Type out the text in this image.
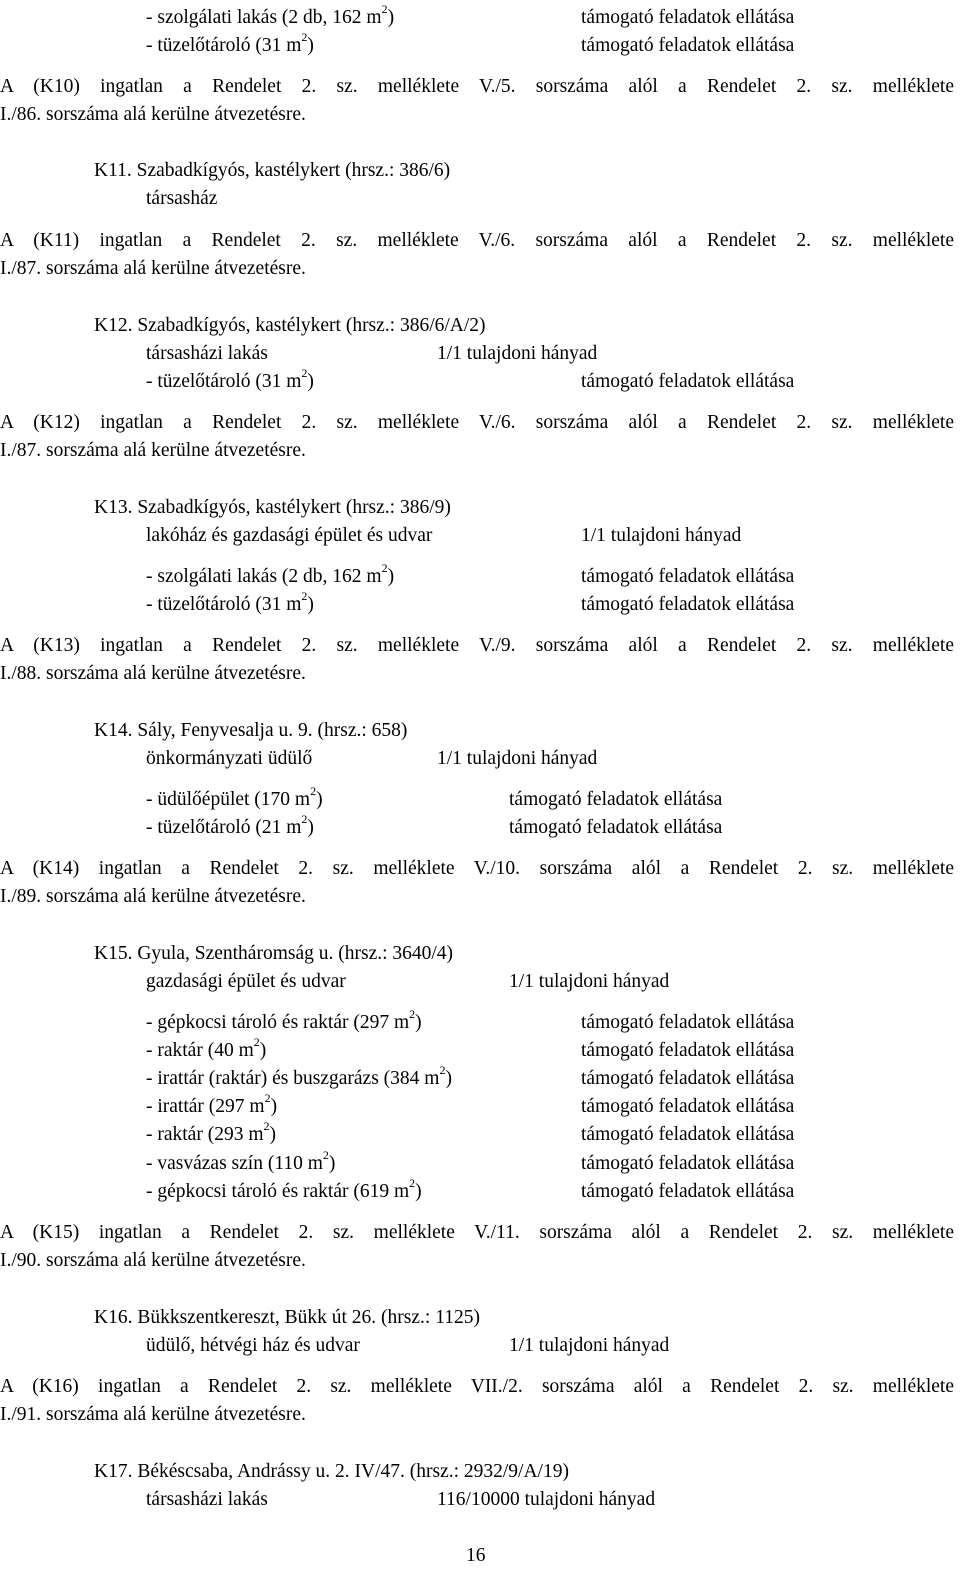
- szolgálati lakás (2 db, 162 $m^2$)	támogató feladatok ellátása
- tüzelőtároló (31 $m^2$)	támogató feladatok ellátása
A (K10) ingatlan a Rendelet 2. sz. melléklete V./5. sorszáma alól a Rendelet 2. sz. melléklete
I./86. sorszáma alá kerülne átvezetésre.
K11. Szabadkígyós, kastélykert (hrsz.: 386/6)
társasház
A (K11) ingatlan a Rendelet 2. sz. melléklete V./6. sorszáma alól a Rendelet 2. sz. melléklete
I./87. sorszáma alá kerülne átvezetésre.
K12. Szabadkígyós, kastélykert (hrsz.: 386/6/A/2)
társasházi lakás	1/1 tulajdoni hányad
- tüzelőtároló (31 $m^2$)	támogató feladatok ellátása
A (K12) ingatlan a Rendelet 2. sz. melléklete V./6. sorszáma alól a Rendelet 2. sz. melléklete
I./87. sorszáma alá kerülne átvezetésre.
K13. Szabadkígyós, kastélykert (hrsz.: 386/9)
lakóház és gazdasági épület és udvar	1/1 tulajdoni hányad
- szolgálati lakás (2 db, 162 $m^2$)	támogató feladatok ellátása
- tüzelőtároló (31 $m^2$)	támogató feladatok ellátása
A (K13) ingatlan a Rendelet 2. sz. melléklete V./9. sorszáma alól a Rendelet 2. sz. melléklete
I./88. sorszáma alá kerülne átvezetésre.
K14. Sály, Fenyvesalja u. 9. (hrsz.: 658)
önkormányzati üdülő	1/1 tulajdoni hányad
- üdülőépület (170 $m^2$)	támogató feladatok ellátása
- tüzelőtároló (21 $m^2$)	támogató feladatok ellátása
A (K14) ingatlan a Rendelet 2. sz. melléklete V./10. sorszáma alól a Rendelet 2. sz. melléklete
I./89. sorszáma alá kerülne átvezetésre.
K15. Gyula, Szentháromság u. (hrsz.: 3640/4)
gazdasági épület és udvar	1/1 tulajdoni hányad
- gépkocsi tároló és raktár (297 $m^2$)	támogató feladatok ellátása
- raktár (40 $m^2$)	támogató feladatok ellátása
- irattár (raktár) és buszgarázs (384 $m^2$)	támogató feladatok ellátása
- irattár (297 $m^2$)	támogató feladatok ellátása
- raktár (293 $m^2$)	támogató feladatok ellátása
- vasvázas szín (110 $m^2$)	támogató feladatok ellátása
- gépkocsi tároló és raktár (619 $m^2$)	támogató feladatok ellátása
A (K15) ingatlan a Rendelet 2. sz. melléklete V./11. sorszáma alól a Rendelet 2. sz. melléklete
I./90. sorszáma alá kerülne átvezetésre.
K16. Bükkszentkereszt, Bükk út 26. (hrsz.: 1125)
üdülő, hétvégi ház és udvar	1/1 tulajdoni hányad
A (K16) ingatlan a Rendelet 2. sz. melléklete VII./2. sorszáma alól a Rendelet 2. sz. melléklete
I./91. sorszáma alá kerülne átvezetésre.
K17. Békéscsaba, Andrássy u. 2. IV/47. (hrsz.: 2932/9/A/19)
társasházi lakás	116/10000 tulajdoni hányad
16
